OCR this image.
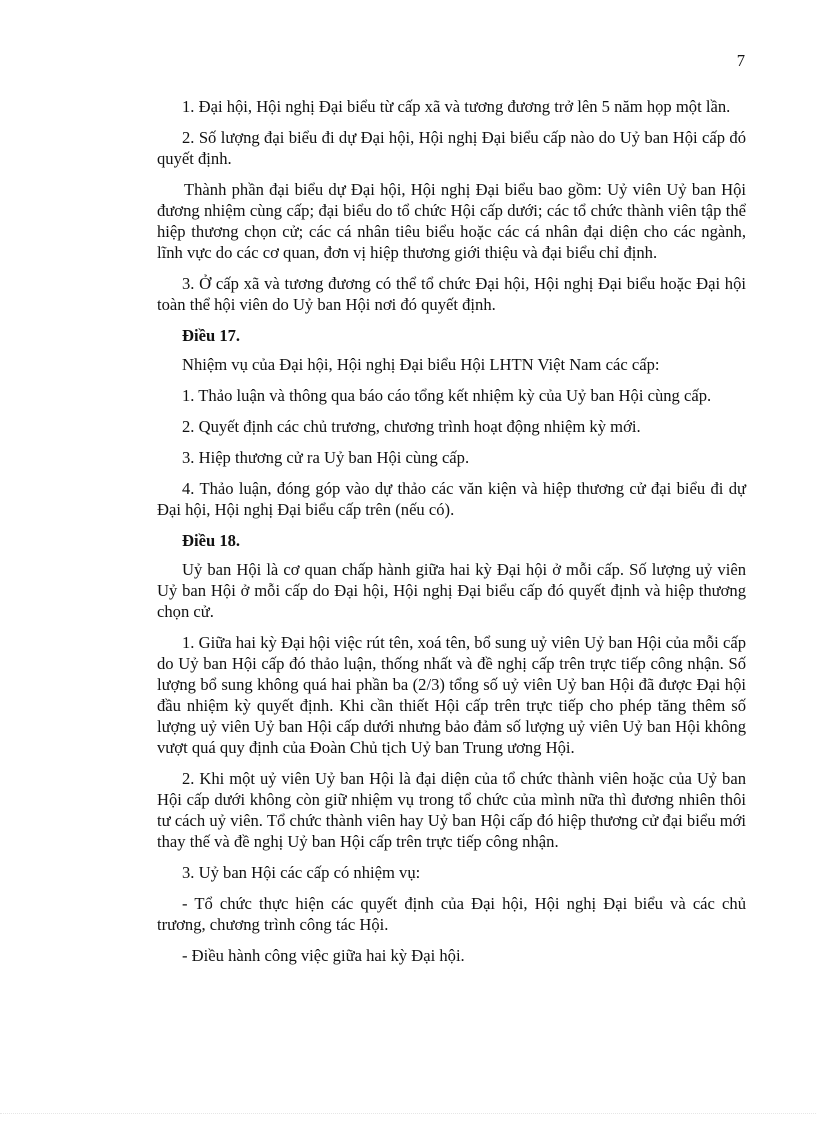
7

1. Đại hội, Hội nghị Đại biểu từ cấp xã và tương đương trở lên 5 năm họp một lần.

2. Số lượng đại biểu đi dự Đại hội, Hội nghị Đại biểu cấp nào do Uỷ ban Hội cấp đó quyết định.

Thành phần đại biểu dự Đại hội, Hội nghị Đại biểu bao gồm: Uỷ viên Uỷ ban Hội đương nhiệm cùng cấp; đại biểu do tổ chức Hội cấp dưới; các tổ chức thành viên tập thể hiệp thương chọn cử; các cá nhân tiêu biểu hoặc các cá nhân đại diện cho các ngành, lĩnh vực do các cơ quan, đơn vị hiệp thương giới thiệu và đại biểu chỉ định.

3. Ở cấp xã và tương đương có thể tổ chức Đại hội, Hội nghị Đại biểu hoặc Đại hội toàn thể hội viên do Uỷ ban Hội nơi đó quyết định.

Điều 17.

Nhiệm vụ của Đại hội, Hội nghị Đại biểu Hội LHTN Việt Nam các cấp:

1. Thảo luận và thông qua báo cáo tổng kết nhiệm kỳ của Uỷ ban Hội cùng cấp.

2. Quyết định các chủ trương, chương trình hoạt động nhiệm kỳ mới.

3. Hiệp thương cử ra Uỷ ban Hội cùng cấp.

4. Thảo luận, đóng góp vào dự thảo các văn kiện và hiệp thương cử đại biểu đi dự Đại hội, Hội nghị Đại biểu cấp trên (nếu có).

Điều 18.

Uỷ ban Hội là cơ quan chấp hành giữa hai kỳ Đại hội ở mỗi cấp. Số lượng uỷ viên Uỷ ban Hội ở mỗi cấp do Đại hội, Hội nghị Đại biểu cấp đó quyết định và hiệp thương chọn cử.

1. Giữa hai kỳ Đại hội việc rút tên, xoá tên, bổ sung uỷ viên Uỷ ban Hội của mỗi cấp do Uỷ ban Hội cấp đó thảo luận, thống nhất và đề nghị cấp trên trực tiếp công nhận. Số lượng bổ sung không quá hai phần ba (2/3) tổng số uỷ viên Uỷ ban Hội đã được Đại hội đầu nhiệm kỳ quyết định. Khi cần thiết Hội cấp trên trực tiếp cho phép tăng thêm số lượng uỷ viên Uỷ ban Hội cấp dưới nhưng bảo đảm số lượng uỷ viên Uỷ ban Hội không vượt quá quy định của Đoàn Chủ tịch Uỷ ban Trung ương Hội.

2. Khi một uỷ viên Uỷ ban Hội là đại diện của tổ chức thành viên hoặc của Uỷ ban Hội cấp dưới không còn giữ nhiệm vụ trong tổ chức của mình nữa thì đương nhiên thôi tư cách uỷ viên. Tổ chức thành viên hay Uỷ ban Hội cấp đó hiệp thương cử đại biểu mới thay thế và đề nghị Uỷ ban Hội cấp trên trực tiếp công nhận.

3. Uỷ ban Hội các cấp có nhiệm vụ:

- Tổ chức thực hiện các quyết định của Đại hội, Hội nghị Đại biểu và các chủ trương, chương trình công tác Hội.

- Điều hành công việc giữa hai kỳ Đại hội.
